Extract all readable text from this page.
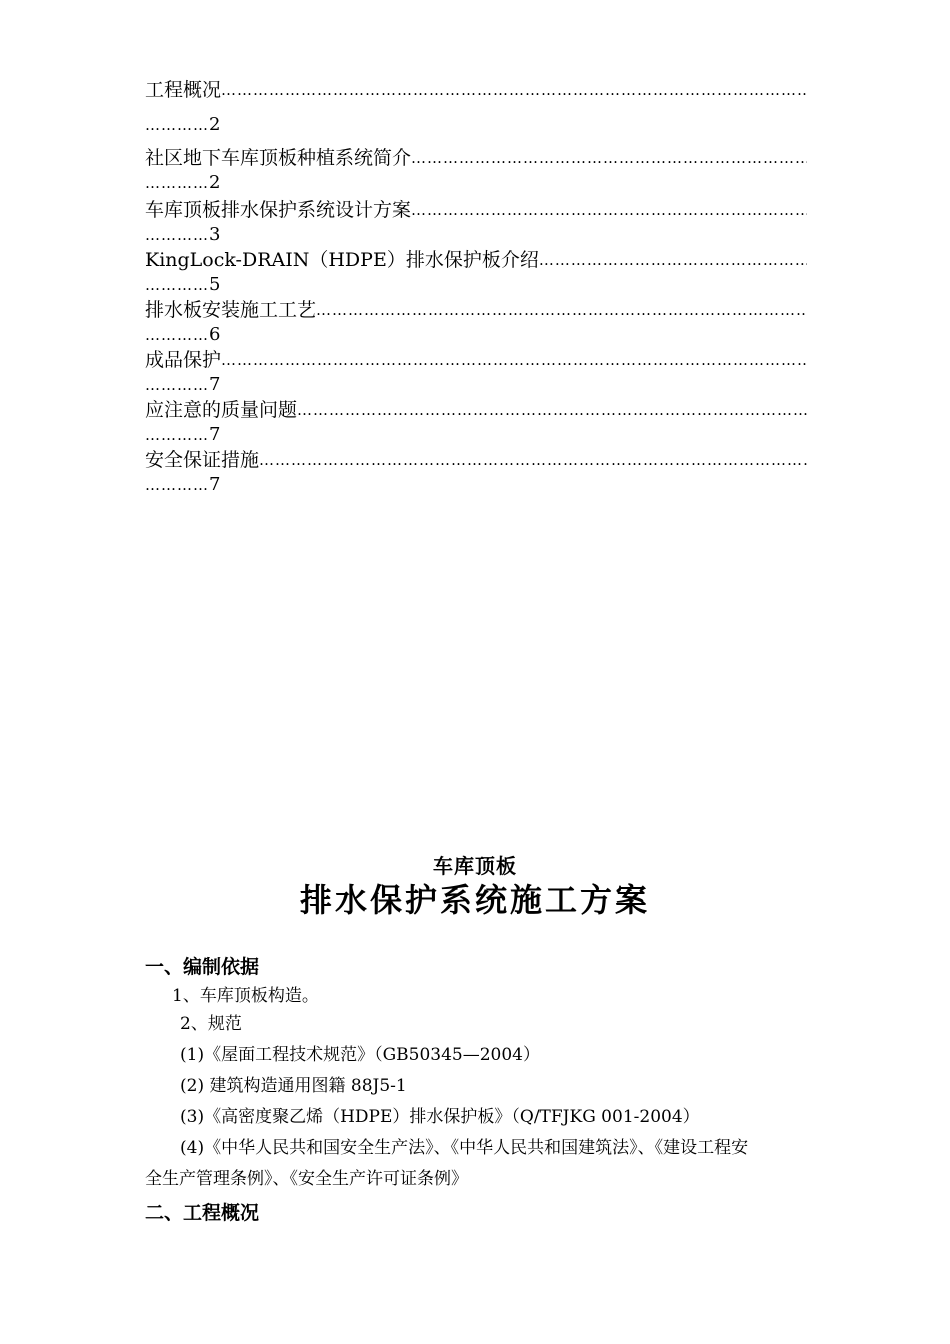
工程概况
……………………………………………………………………………………………………………………………………………………
…………2
社区地下车库顶板种植系统简介
……………………………………………………………………………………………………………………………………………………
…………2
车库顶板排水保护系统设计方案
……………………………………………………………………………………………………………………………………………………
…………3
KingLock-DRAIN（HDPE）排水保护板介绍
……………………………………………………………………………………………………………………………………………………
…………5
排水板安装施工工艺
……………………………………………………………………………………………………………………………………………………
…………6
成品保护
……………………………………………………………………………………………………………………………………………………
…………7
应注意的质量问题
……………………………………………………………………………………………………………………………………………………
…………7
安全保证措施
……………………………………………………………………………………………………………………………………………………
…………7
车库顶板
排水保护系统施工方案
一、编制依据
1、车库顶板构造。
2、规范
(1)《屋面工程技术规范》（GB50345—2004）
(2) 建筑构造通用图籍 88J5-1
(3)《高密度聚乙烯（HDPE）排水保护板》（Q/TFJKG 001-2004）
(4)《中华人民共和国安全生产法》、《中华人民共和国建筑法》、《建设工程安
全生产管理条例》、《安全生产许可证条例》
二、工程概况
